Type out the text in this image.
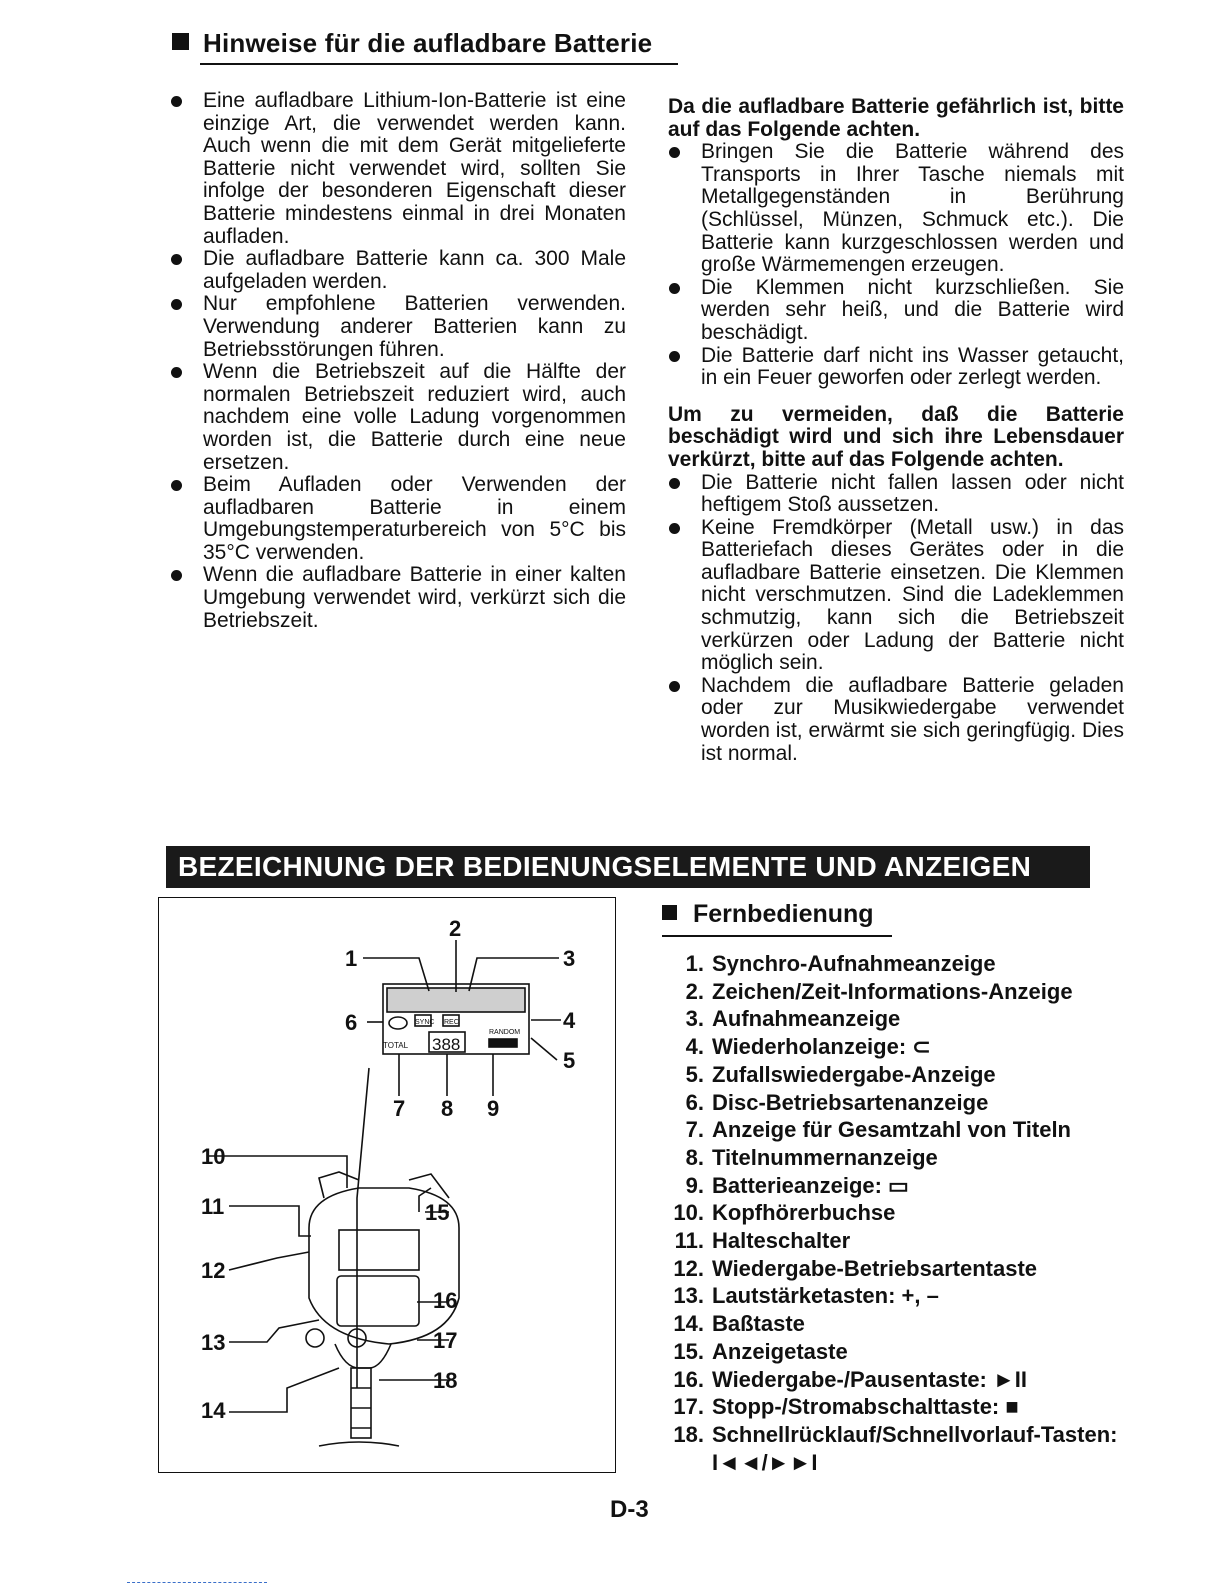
Hinweise für die aufladbare Batterie
Eine aufladbare Lithium-Ion-Batterie ist eine einzige Art, die verwendet werden kann. Auch wenn die mit dem Gerät mitgelieferte Batterie nicht verwendet wird, sollten Sie infolge der besonderen Eigenschaft dieser Batterie mindestens einmal in drei Monaten aufladen.
Die aufladbare Batterie kann ca. 300 Male aufgeladen werden.
Nur empfohlene Batterien verwenden. Verwendung anderer Batterien kann zu Betriebsstörungen führen.
Wenn die Betriebszeit auf die Hälfte der normalen Betriebszeit reduziert wird, auch nachdem eine volle Ladung vorgenommen worden ist, die Batterie durch eine neue ersetzen.
Beim Aufladen oder Verwenden der aufladbaren Batterie in einem Umgebungstemperaturbereich von 5°C bis 35°C verwenden.
Wenn die aufladbare Batterie in einer kalten Umgebung verwendet wird, verkürzt sich die Betriebszeit.

Da die aufladbare Batterie gefährlich ist, bitte auf das Folgende achten.

Bringen Sie die Batterie während des Transports in Ihrer Tasche niemals mit Metallgegenständen in Berührung (Schlüssel, Münzen, Schmuck etc.). Die Batterie kann kurzgeschlossen werden und große Wärmemengen erzeugen.
Die Klemmen nicht kurzschließen. Sie werden sehr heiß, und die Batterie wird beschädigt.
Die Batterie darf nicht ins Wasser getaucht, in ein Feuer geworfen oder zerlegt werden.

Um zu vermeiden, daß die Batterie beschädigt wird und sich ihre Lebensdauer verkürzt, bitte auf das Folgende achten.

Die Batterie nicht fallen lassen oder nicht heftigem Stoß aussetzen.
Keine Fremdkörper (Metall usw.) in das Batteriefach dieses Gerätes oder in die aufladbare Batterie einsetzen. Die Klemmen nicht verschmutzen. Sind die Ladeklemmen schmutzig, kann sich die Betriebszeit verkürzen oder Ladung der Batterie nicht möglich sein.
Nachdem die aufladbare Batterie geladen oder zur Musikwiedergabe verwendet worden ist, erwärmt sie sich geringfügig. Dies ist normal.
BEZEICHNUNG DER BEDIENUNGSELEMENTE UND ANZEIGEN
1
2
3
4
5
6
7 8 9
10
11
12
13
14
15
16
17
18
SYNC REC
RANDOM
TOTAL 388
Fernbedienung
1. Synchro-Aufnahmeanzeige
2. Zeichen/Zeit-Informations-Anzeige
3. Aufnahmeanzeige
4. Wiederholanzeige: ⊂
5. Zufallswiedergabe-Anzeige
6. Disc-Betriebsartenanzeige
7. Anzeige für Gesamtzahl von Titeln
8. Titelnummernanzeige
9. Batterieanzeige: ▭
10. Kopfhörerbuchse
11. Halteschalter
12. Wiedergabe-Betriebsartentaste
13. Lautstärketasten: +, –
14. Baßtaste
15. Anzeigetaste
16. Wiedergabe-/Pausentaste: ►II
17. Stopp-/Stromabschalttaste: ■
18. Schnellrücklauf/Schnellvorlauf-Tasten: I◄◄/►►I
D-3
